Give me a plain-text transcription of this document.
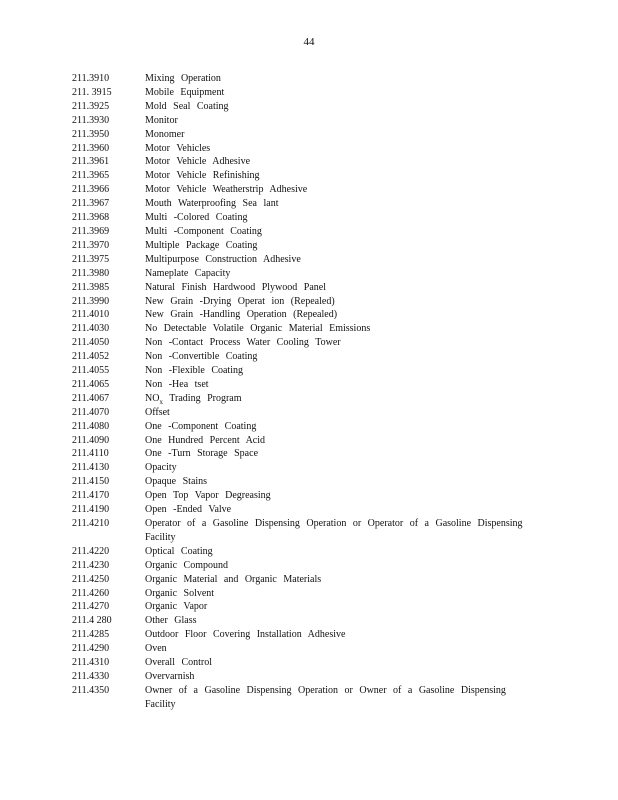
44
211.3910	Mixing Operation
211. 3915	Mobile Equipment
211.3925	Mold Seal Coating
211.3930	Monitor
211.3950	Monomer
211.3960	Motor Vehicles
211.3961	Motor Vehicle Adhesive
211.3965	Motor Vehicle Refinishing
211.3966	Motor Vehicle Weatherstrip Adhesive
211.3967	Mouth Waterproofing Sea lant
211.3968	Multi -Colored Coating
211.3969	Multi -Component Coating
211.3970	Multiple Package Coating
211.3975	Multipurpose Construction Adhesive
211.3980	Nameplate Capacity
211.3985	Natural Finish Hardwood Plywood Panel
211.3990	New Grain -Drying Operat ion (Repealed)
211.4010	New Grain -Handling Operation (Repealed)
211.4030	No Detectable Volatile Organic Material Emissions
211.4050	Non -Contact Process Water Cooling Tower
211.4052	Non -Convertible Coating
211.4055	Non -Flexible Coating
211.4065	Non -Hea tset
211.4067	$NO_x$ Trading Program
211.4070	Offset
211.4080	One -Component Coating
211.4090	One Hundred Percent Acid
211.4110	One -Turn Storage Space
211.4130	Opacity
211.4150	Opaque Stains
211.4170	Open Top Vapor Degreasing
211.4190	Open -Ended Valve
211.4210	Operator of a Gasoline Dispensing Operation or Operator of a Gasoline Dispensing Facility
211.4220	Optical Coating
211.4230	Organic Compound
211.4250	Organic Material and Organic Materials
211.4260	Organic Solvent
211.4270	Organic Vapor
211.4 280	Other Glass
211.4285	Outdoor Floor Covering Installation Adhesive
211.4290	Oven
211.4310	Overall Control
211.4330	Overvarnish
211.4350	Owner of a Gasoline Dispensing Operation or Owner of a Gasoline Dispensing Facility
